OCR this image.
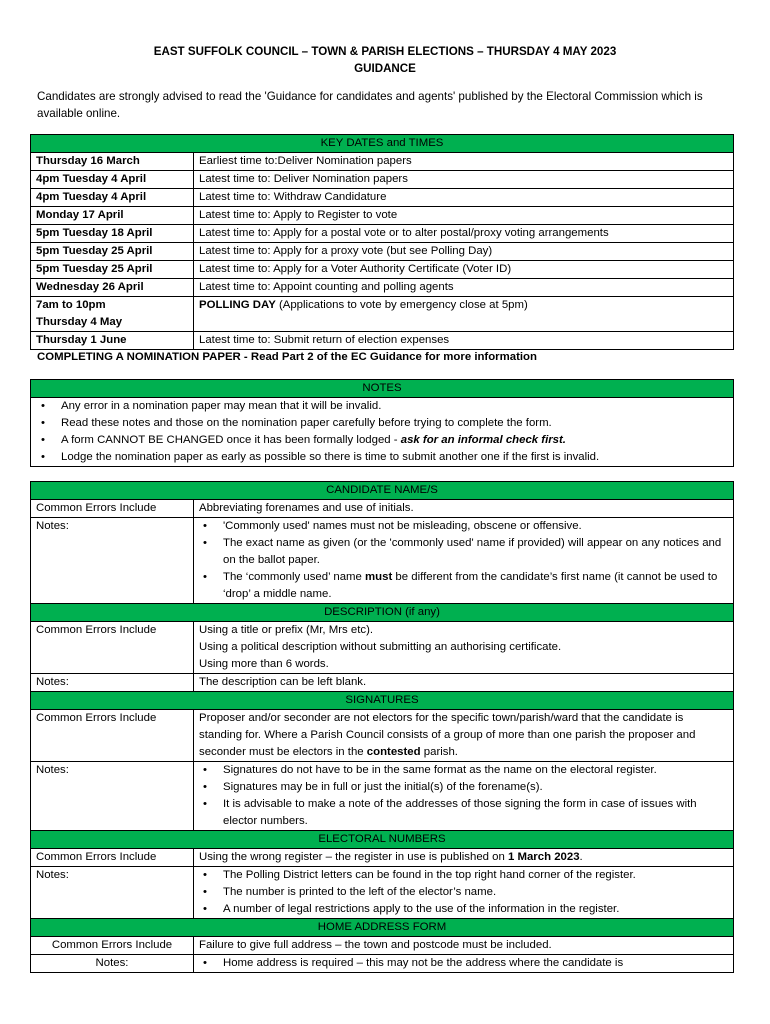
EAST SUFFOLK COUNCIL – TOWN & PARISH ELECTIONS – THURSDAY 4 MAY 2023
GUIDANCE
Candidates are strongly advised to read the 'Guidance for candidates and agents' published by the Electoral Commission which is available online.
KEY DATES and TIMES	
Thursday 16 March	Earliest time to:Deliver Nomination papers
4pm Tuesday 4 April	Latest time to: Deliver Nomination papers
4pm Tuesday 4 April	Latest time to: Withdraw Candidature
Monday 17 April	Latest time to: Apply to Register to vote
5pm Tuesday 18 April	Latest time to: Apply for a postal vote or to alter postal/proxy voting arrangements
5pm Tuesday 25 April	Latest time to: Apply for a proxy vote (but see Polling Day)
5pm Tuesday 25 April	Latest time to: Apply for a Voter Authority Certificate (Voter ID)
Wednesday 26 April	Latest time to: Appoint counting and polling agents

7am to 10pm
Thursday 4 May	POLLING DAY (Applications to vote by emergency close at 5pm)
Thursday 1 June	Latest time to: Submit return of election expenses
COMPLETING A NOMINATION PAPER - Read Part 2 of the EC Guidance for more information
NOTES

• Any error in a nomination paper may mean that it will be invalid.
• Read these notes and those on the nomination paper carefully before trying to complete the form.
• A form CANNOT BE CHANGED once it has been formally lodged - ask for an informal check first.
• Lodge the nomination paper as early as possible so there is time to submit another one if the first is invalid.
CANDIDATE NAME/S	
Common Errors Include	Abbreviating forenames and use of initials.
Notes:	• 'Commonly used' names must not be misleading, obscene or offensive.
• The exact name as given (or the 'commonly used' name if provided) will appear on any notices and on the ballot paper.
• The ‘commonly used’ name must be different from the candidate’s first name (it cannot be used to ‘drop’ a middle name.

DESCRIPTION (if any)	
Common Errors Include	Using a title or prefix (Mr, Mrs etc).
Using a political description without submitting an authorising certificate.
Using more than 6 words.

Notes:	The description can be left blank.
SIGNATURES	
Common Errors Include	Proposer and/or seconder are not electors for the specific town/parish/ward that the candidate is standing for. Where a Parish Council consists of a group of more than one parish the proposer and seconder must be electors in the contested parish.
Notes:	• Signatures do not have to be in the same format as the name on the electoral register.
• Signatures may be in full or just the initial(s) of the forename(s).
• It is advisable to make a note of the addresses of those signing the form in case of issues with elector numbers.

ELECTORAL NUMBERS	
Common Errors Include	Using the wrong register – the register in use is published on 1 March 2023.
Notes:	• The Polling District letters can be found in the top right hand corner of the register.
• The number is printed to the left of the elector’s name.
• A number of legal restrictions apply to the use of the information in the register.

HOME ADDRESS FORM	
Common Errors Include	Failure to give full address – the town and postcode must be included.
Notes:	• Home address is required – this may not be the address where the candidate is
